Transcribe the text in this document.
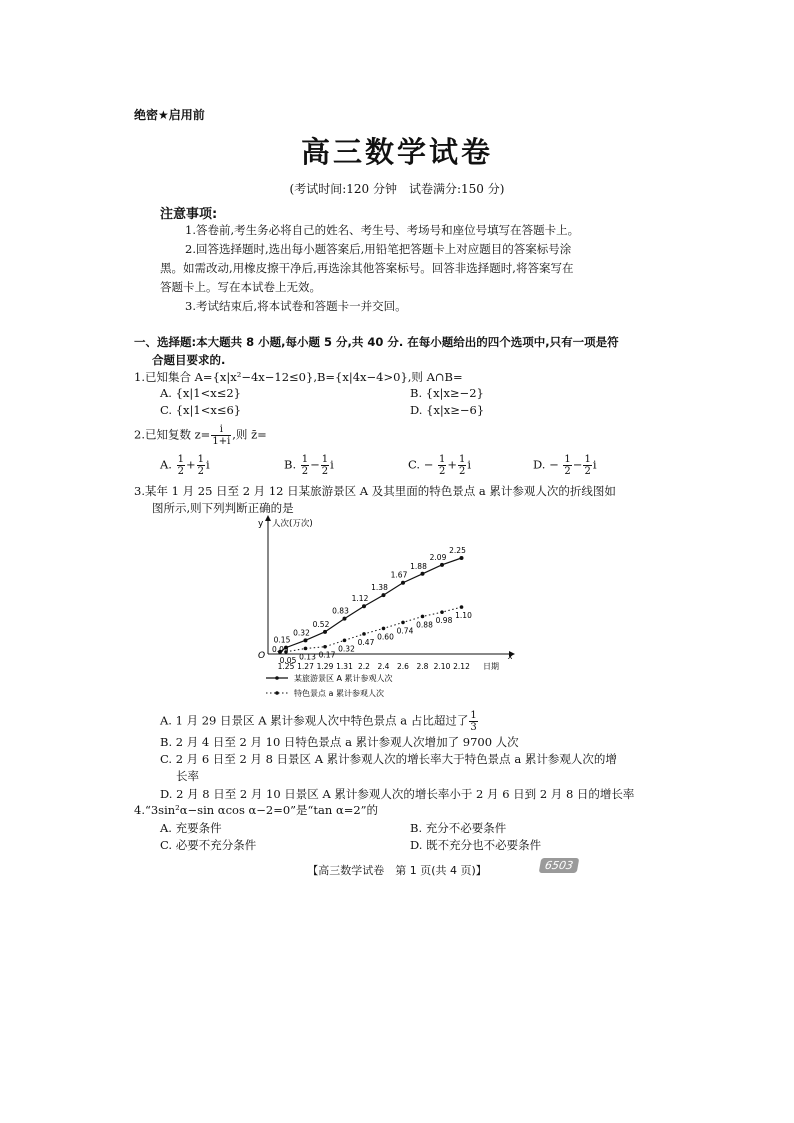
绝密★启用前
高三数学试卷
(考试时间:120 分钟　试卷满分:150 分)
注意事项:
1.答卷前,考生务必将自己的姓名、考生号、考场号和座位号填写在答题卡上。
2.回答选择题时,选出每小题答案后,用铅笔把答题卡上对应题目的答案标号涂
黑。如需改动,用橡皮擦干净后,再选涂其他答案标号。回答非选择题时,将答案写在
答题卡上。写在本试卷上无效。
3.考试结束后,将本试卷和答题卡一并交回。
一、选择题:本大题共 8 小题,每小题 5 分,共 40 分. 在每小题给出的四个选项中,只有一项是符
合题目要求的.
1.已知集合 A={x|x²−4x−12≤0},B={x|4x−4>0},则 A∩B=
A. {x|1<x≤2}	B. {x|x≥−2}
C. {x|1<x≤6}	D. {x|x≥−6}
2.已知复数 $z= \frac{i}{1+i}$ ,则 z̄=
A. $\frac{1}{2} + \frac{1}{2}$ i	B. $\frac{1}{2} - \frac{1}{2}$ i	C. − $\frac{1}{2} + \frac{1}{2}$ i	D. − $\frac{1}{2} - \frac{1}{2}$ i
3.某年 1 月 25 日至 2 月 12 日某旅游景区 A 及其里面的特色景点 a 累计参观人次的折线图如
图所示,则下列判断正确的是
y 人次(万次)
x
日期
O
1.25 1.27 1.29 1.31 2.2 2.4 2.6 2.8 2.10 2.12
0.15
0.32
0.52
0.83
1.12
1.38
1.67
1.88
2.09
2.25
0.05 0.13 0.17
0.32
0.47
0.60
0.74
0.88 0.98
1.10
0.05
某旅游景区 A 累计参观人次
特色景点 a 累计参观人次
A. 1 月 29 日景区 A 累计参观人次中特色景点 a 占比超过了 $\frac{1}{3}$
B. 2 月 4 日至 2 月 10 日特色景点 a 累计参观人次增加了 9700 人次
C. 2 月 6 日至 2 月 8 日景区 A 累计参观人次的增长率大于特色景点 a 累计参观人次的增
长率
D. 2 月 8 日至 2 月 10 日景区 A 累计参观人次的增长率小于 2 月 6 日到 2 月 8 日的增长率
4.“3sin²α−sin αcos α−2=0”是“tan α=2”的
A. 充要条件	B. 充分不必要条件
C. 必要不充分条件	D. 既不充分也不必要条件
【高三数学试卷　第 1 页(共 4 页)】	6503
